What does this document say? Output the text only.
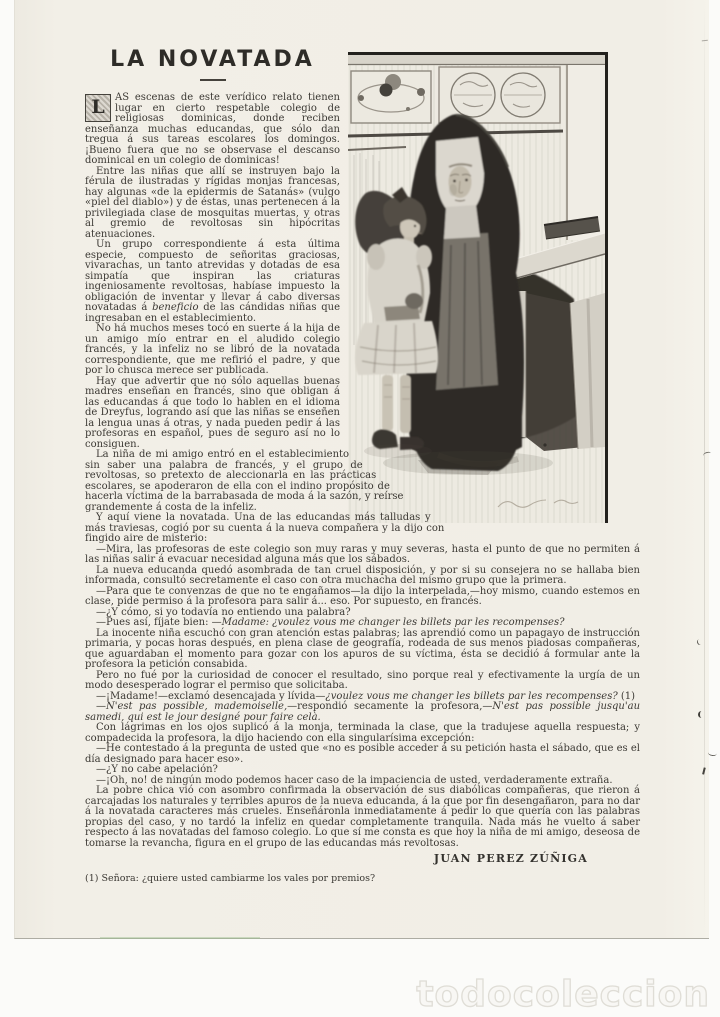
LA NOVATADA

L	AS escenas de este verídico relato tienen lugar en cierto respetable colegio de religiosas dominicas, donde reciben enseñanza muchas educandas, que sólo dan tregua á sus tareas escolares los domingos. ¡Bueno fuera que no se observase el descanso dominical en un colegio de dominicas!

Entre las niñas que allí se instruyen bajo la férula de ilustradas y rígidas monjas francesas, hay algunas «de la epidermis de Satanás» (vulgo «piel del diablo») y de éstas, unas pertenecen á la privilegiada clase de mosquitas muertas, y otras al gremio de revoltosas sin hipócritas atenuaciones.

Un grupo correspondiente á esta última especie, compuesto de señoritas graciosas, vivarachas, un tanto atrevidas y dotadas de esa simpatía que inspiran las criaturas ingeniosamente revoltosas, habíase impuesto la obligación de inventar y llevar á cabo diversas novatadas á beneficio de las cándidas niñas que ingresaban en el establecimiento.

No há muchos meses tocó en suerte á la hija de un amigo mío entrar en el aludido colegio francés, y la infeliz no se libró de la novatada correspondiente, que me refirió el padre, y que por lo chusca merece ser publicada.

Hay que advertir que no sólo aquellas buenas madres enseñan en francés, sino que obligan á las educandas á que todo lo hablen en el idioma de Dreyfus, logrando así que las niñas se enseñen la lengua unas á otras, y nada pueden pedir á las profesoras en español, pues de seguro así no lo consiguen.

La niña de mi amigo entró en el establecimiento sin saber una palabra de francés, y el grupo de revoltosas, so pretexto de aleccionarla en las prácticas escolares, se apoderaron de ella con el indino propósito de hacerla víctima de la barrabasada de moda á la sazón, y reírse grandemente á costa de la infeliz.

Y aquí viene la novatada. Una de las educandas más talludas y más traviesas, cogió por su cuenta á la nueva compañera y la dijo con fingido aire de misterio:

—Mira, las profesoras de este colegio son muy raras y muy severas, hasta el punto de que no permiten á las niñas salir á evacuar necesidad alguna más que los sábados.

La nueva educanda quedó asombrada de tan cruel disposición, y por si su consejera no se hallaba bien informada, consultó secretamente el caso con otra muchacha del mismo grupo que la primera.

—Para que te convenzas de que no te engañamos—la dijo la interpelada,—hoy mismo, cuando estemos en clase, pide permiso á la profesora para salir á... eso. Por supuesto, en francés.

—¿Y cómo, si yo todavía no entiendo una palabra?

—Pues así, fíjate bien: —Madame: ¿voulez vous me changer les billets par les recompenses?

La inocente niña escuchó con gran atención estas palabras; las aprendió como un papagayo de instrucción primaria, y pocas horas después, en plena clase de geografía, rodeada de sus menos piadosas compañeras, que aguardaban el momento para gozar con los apuros de su víctima, ésta se decidió á formular ante la profesora la petición consabida.

Pero no fué por la curiosidad de conocer el resultado, sino porque real y efectivamente la urgía de un modo desesperado lograr el permiso que solicitaba.

—¡Madame!—exclamó desencajada y lívida—¿voulez vous me changer les billets par les recompenses? (1)

—N'est pas possible, mademoiselle,—respondió secamente la profesora,—N'est pas possible jusqu'au samedi, qui est le jour designé pour faire celà.

Con lágrimas en los ojos suplicó á la monja, terminada la clase, que la tradujese aquella respuesta; y compadecida la profesora, la dijo haciendo con ella singularísima excepción:

—He contestado á la pregunta de usted que «no es posible acceder á su petición hasta el sábado, que es el día designado para hacer eso».

—¿Y no cabe apelación?

—¡Oh, no! de ningún modo podemos hacer caso de la impaciencia de usted, verdaderamente extraña.

La pobre chica vió con asombro confirmada la observación de sus diabólicas compañeras, que rieron á carcajadas los naturales y terribles apuros de la nueva educanda, á la que por fin desengañaron, para no dar á la novatada caracteres más crueles. Enseñáronla inmediatamente á pedir lo que quería con las palabras propias del caso, y no tardó la infeliz en quedar completamente tranquila. Nada más he vuelto á saber respecto á las novatadas del famoso colegio. Lo que sí me consta es que hoy la niña de mi amigo, deseosa de tomarse la revancha, figura en el grupo de las educandas más revoltosas.

JUAN PEREZ ZÚÑIGA
(1) Señora: ¿quiere usted cambiarme los vales por premios?
todocoleccion
